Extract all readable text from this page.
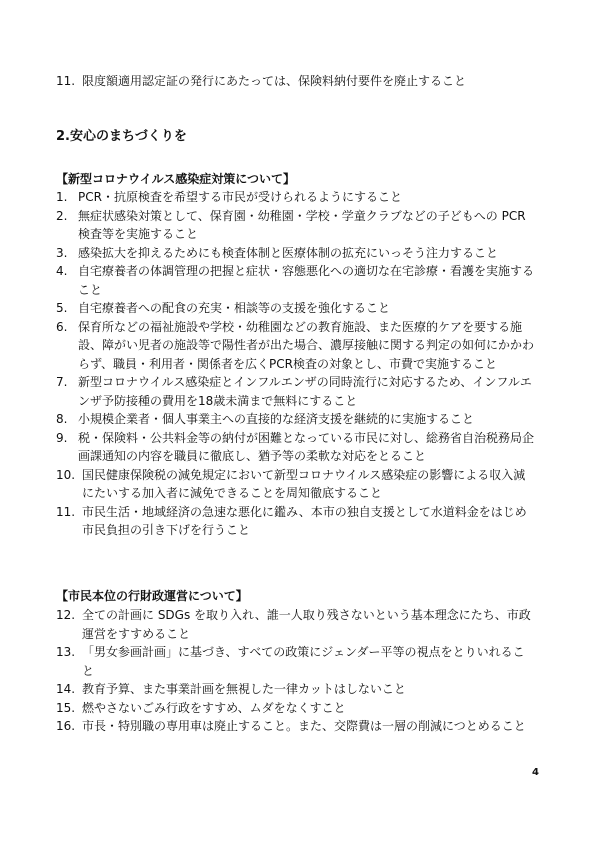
11. 限度額適用認定証の発行にあたっては、保険料納付要件を廃止すること
2.安心のまちづくりを
【新型コロナウイルス感染症対策について】
1. PCR・抗原検査を希望する市民が受けられるようにすること
2. 無症状感染対策として、保育園・幼稚園・学校・学童クラブなどの子どもへの PCR 検査等を実施すること
3. 感染拡大を抑えるためにも検査体制と医療体制の拡充にいっそう注力すること
4. 自宅療養者の体調管理の把握と症状・容態悪化への適切な在宅診療・看護を実施すること
5. 自宅療養者への配食の充実・相談等の支援を強化すること
6. 保育所などの福祉施設や学校・幼稚園などの教育施設、また医療的ケアを要する施設、障がい児者の施設等で陽性者が出た場合、濃厚接触に関する判定の如何にかかわらず、職員・利用者・関係者を広くPCR検査の対象とし、市費で実施すること
7. 新型コロナウイルス感染症とインフルエンザの同時流行に対応するため、インフルエンザ予防接種の費用を18歳未満まで無料にすること
8. 小規模企業者・個人事業主への直接的な経済支援を継続的に実施すること
9. 税・保険料・公共料金等の納付が困難となっている市民に対し、総務省自治税務局企画課通知の内容を職員に徹底し、猶予等の柔軟な対応をとること
10. 国民健康保険税の減免規定において新型コロナウイルス感染症の影響による収入減にたいする加入者に減免できることを周知徹底すること
11. 市民生活・地域経済の急速な悪化に鑑み、本市の独自支援として水道料金をはじめ市民負担の引き下げを行うこと
【市民本位の行財政運営について】
12. 全ての計画に SDGs を取り入れ、誰一人取り残さないという基本理念にたち、市政運営をすすめること
13. 「男女参画計画」に基づき、すべての政策にジェンダー平等の視点をとりいれること
14. 教育予算、また事業計画を無視した一律カットはしないこと
15. 燃やさないごみ行政をすすめ、ムダをなくすこと
16. 市長・特別職の専用車は廃止すること。また、交際費は一層の削減につとめること
4
